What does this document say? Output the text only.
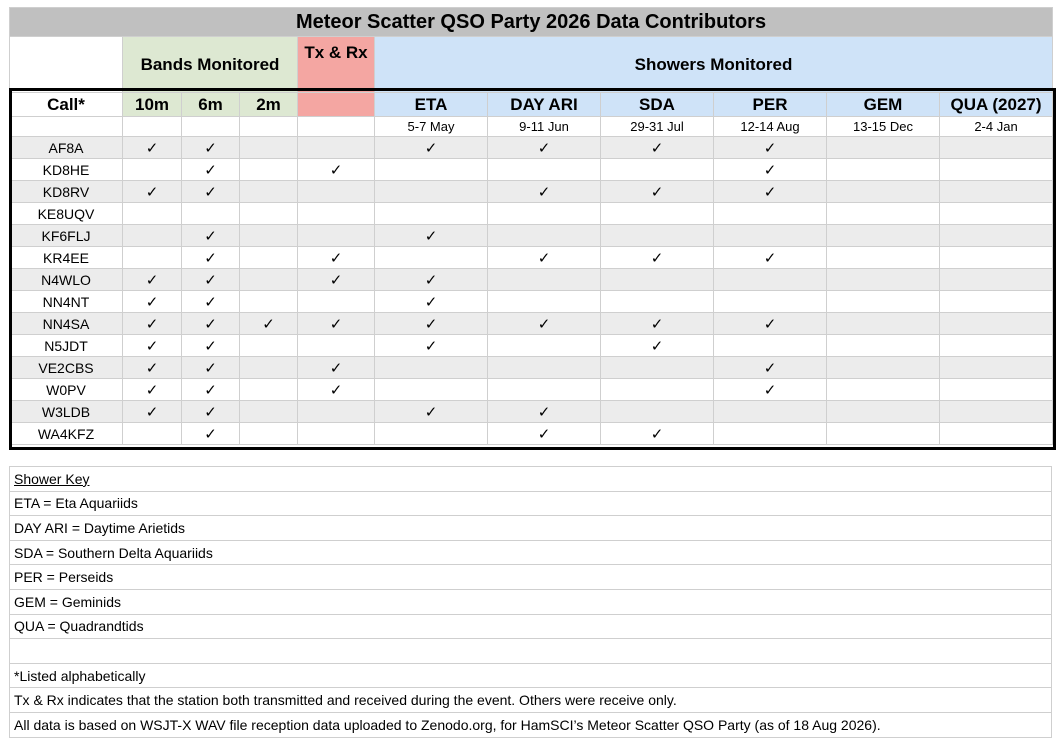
Meteor Scatter QSO Party 2026 Data Contributors										
	Bands Monitored			Tx & Rx	Showers Monitored					
Call*	10m	6m	2m		ETA	DAY ARI	SDA	PER	GEM	QUA (2027)
					5-7 May	9-11 Jun	29-31 Jul	12-14 Aug	13-15 Dec	2-4 Jan
AF8A	✓	✓			✓	✓	✓	✓		
KD8HE		✓		✓				✓		
KD8RV	✓	✓				✓	✓	✓		
KE8UQV										
KF6FLJ		✓			✓					
KR4EE		✓		✓		✓	✓	✓		
N4WLO	✓	✓		✓	✓					
NN4NT	✓	✓			✓					
NN4SA	✓	✓	✓	✓	✓	✓	✓	✓		
N5JDT	✓	✓			✓		✓			
VE2CBS	✓	✓		✓				✓		
W0PV	✓	✓		✓				✓		
W3LDB	✓	✓			✓	✓				
WA4KFZ		✓				✓	✓			
Shower Key
ETA = Eta Aquariids
DAY ARI = Daytime Arietids
SDA = Southern Delta Aquariids
PER = Perseids
GEM = Geminids
QUA = Quadrandtids

*Listed alphabetically
Tx & Rx indicates that the station both transmitted and received during the event. Others were receive only.
All data is based on WSJT-X WAV file reception data uploaded to Zenodo.org, for HamSCI’s Meteor Scatter QSO Party (as of 18 Aug 2026).
